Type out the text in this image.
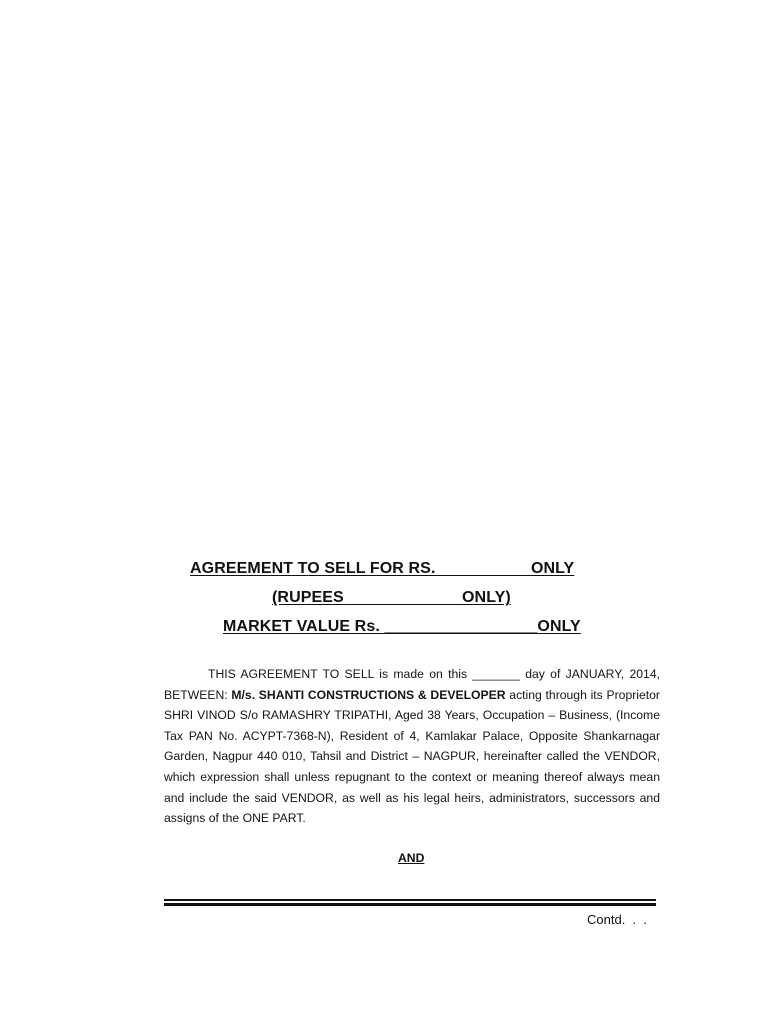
AGREEMENT TO SELL FOR RS.	ONLY
(RUPEES	ONLY)
MARKET VALUE Rs. _________________ONLY
THIS AGREEMENT TO SELL is made on this _______ day of JANUARY, 2014, BETWEEN: M/s. SHANTI CONSTRUCTIONS & DEVELOPER acting through its Proprietor SHRI VINOD S/o RAMASHRY TRIPATHI, Aged 38 Years, Occupation – Business, (Income Tax PAN No. ACYPT-7368-N), Resident of 4, Kamlakar Palace, Opposite Shankarnagar Garden, Nagpur 440 010, Tahsil and District – NAGPUR, hereinafter called the VENDOR, which expression shall unless repugnant to the context or meaning thereof always mean and include the said VENDOR, as well as his legal heirs, administrators, successors and assigns of the ONE PART.
AND
Contd.  .  .
